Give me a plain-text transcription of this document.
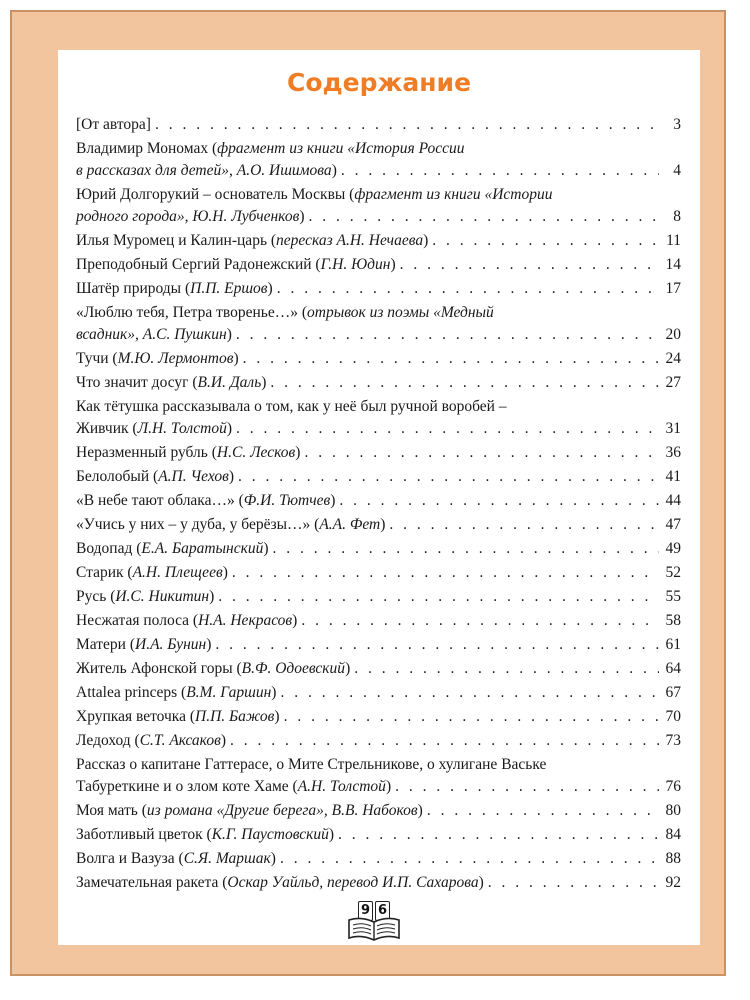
Содержание
[От автора] . . .	3
Владимир Мономах (фрагмент из книги «История России
в рассказах для детей», А.О. Ишимова) . . .	4
Юрий Долгорукий – основатель Москвы (фрагмент из книги «Истории
родного города», Ю.Н. Лубченков) . . .	8
Илья Муромец и Калин-царь (пересказ А.Н. Нечаева) . . .	11
Преподобный Сергий Радонежский (Г.Н. Юдин) . . .	14
Шатёр природы (П.П. Ершов) . . .	17
«Люблю тебя, Петра творенье…» (отрывок из поэмы «Медный
всадник», А.С. Пушкин) . . .	20
Тучи (М.Ю. Лермонтов) . . .	24
Что значит досуг (В.И. Даль) . . .	27
Как тётушка рассказывала о том, как у неё был ручной воробей –
Живчик (Л.Н. Толстой) . . .	31
Неразменный рубль (Н.С. Лесков) . . .	36
Белолобый (А.П. Чехов) . . .	41
«В небе тают облака…» (Ф.И. Тютчев) . . .	44
«Учись у них – у дуба, у берёзы…» (А.А. Фет) . . .	47
Водопад (Е.А. Баратынский) . . .	49
Старик (А.Н. Плещеев) . . .	52
Русь (И.С. Никитин) . . .	55
Несжатая полоса (Н.А. Некрасов) . . .	58
Матери (И.А. Бунин) . . .	61
Житель Афонской горы (В.Ф. Одоевский) . . .	64
Attalea princeps (В.М. Гаршин) . . .	67
Хрупкая веточка (П.П. Бажов) . . .	70
Ледоход (С.Т. Аксаков) . . .	73
Рассказ о капитане Гаттерасе, о Мите Стрельникове, о хулигане Ваське
Табуреткине и о злом коте Хаме (А.Н. Толстой) . . .	76
Моя мать (из романа «Другие берега», В.В. Набоков) . . .	80
Заботливый цветок (К.Г. Паустовский) . . .	84
Волга и Вазуза (С.Я. Маршак) . . .	88
Замечательная ракета (Оскар Уайльд, перевод И.П. Сахарова) . . .	92
9 6
